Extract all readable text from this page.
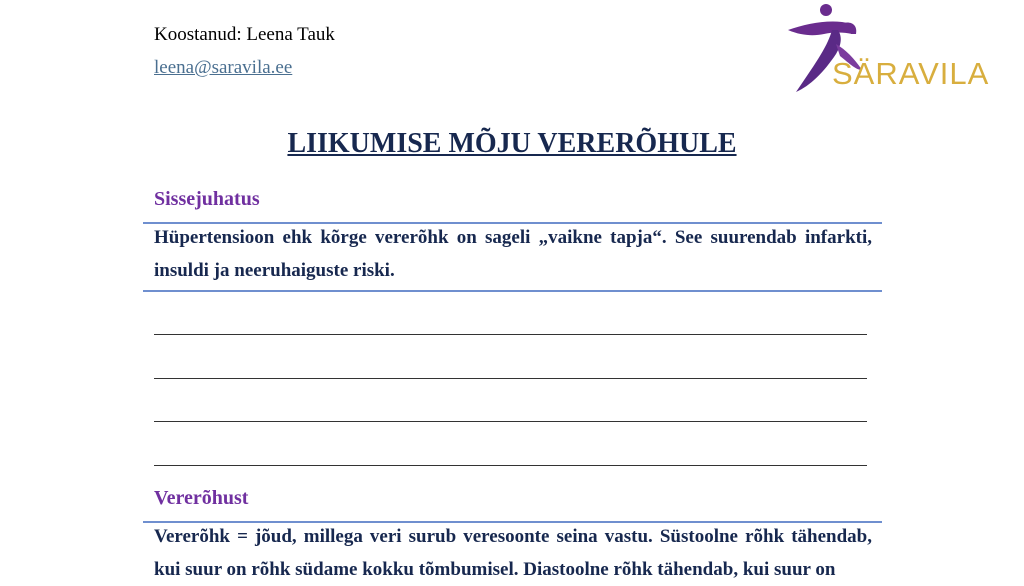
Koostanud: Leena Tauk
leena@saravila.ee	SÄRAVILA
LIIKUMISE MÕJU VERERÕHULE
Sissejuhatus
Hüpertensioon ehk kõrge vererõhk on sageli „vaikne tapja“. See suurendab infarkti, insuldi ja neeruhaiguste riski.
Vererõhust
Vererõhk = jõud, millega veri surub veresoonte seina vastu. Süstoolne rõhk tähendab, kui suur on rõhk südame kokku tõmbumisel. Diastoolne rõhk tähendab, kui suur on
